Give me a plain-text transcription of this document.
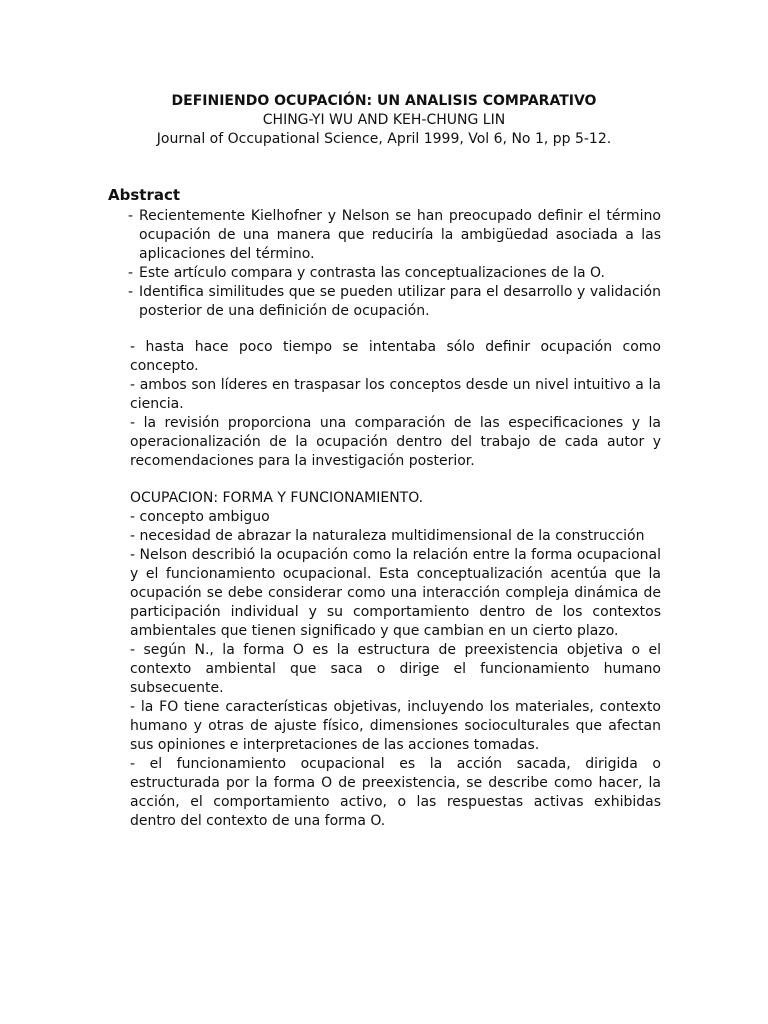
DEFINIENDO OCUPACIÓN: UN ANALISIS COMPARATIVO
CHING-YI WU AND KEH-CHUNG LIN
Journal of Occupational Science, April 1999, Vol 6, No 1, pp 5-12.
Abstract
- Recientemente Kielhofner y Nelson se han preocupado definir el término ocupación de una manera que reduciría la ambigüedad asociada a las aplicaciones del término.
- Este artículo compara y contrasta las conceptualizaciones de la O.
- Identifica similitudes que se pueden utilizar para el desarrollo y validación posterior de una definición de ocupación.

- hasta hace poco tiempo se intentaba sólo definir ocupación como concepto.

- ambos son líderes en traspasar los conceptos desde un nivel intuitivo a la ciencia.

- la revisión proporciona una comparación de las especificaciones y la operacionalización de la ocupación dentro del trabajo de cada autor y recomendaciones para la investigación posterior.

OCUPACION: FORMA Y FUNCIONAMIENTO.

- concepto ambiguo

- necesidad de abrazar la naturaleza multidimensional de la construcción

- Nelson describió la ocupación como la relación entre la forma ocupacional y el funcionamiento ocupacional. Esta conceptualización acentúa que la ocupación se debe considerar como una interacción compleja dinámica de participación individual y su comportamiento dentro de los contextos ambientales que tienen significado y que cambian en un cierto plazo.

- según N., la forma O es la estructura de preexistencia objetiva o el contexto ambiental que saca o dirige el funcionamiento humano subsecuente.

- la FO tiene características objetivas, incluyendo los materiales, contexto humano y otras de ajuste físico, dimensiones socioculturales que afectan sus opiniones e interpretaciones de las acciones tomadas.

- el funcionamiento ocupacional es la acción sacada, dirigida o estructurada por la forma O de preexistencia, se describe como hacer, la acción, el comportamiento activo, o las respuestas activas exhibidas dentro del contexto de una forma O.
